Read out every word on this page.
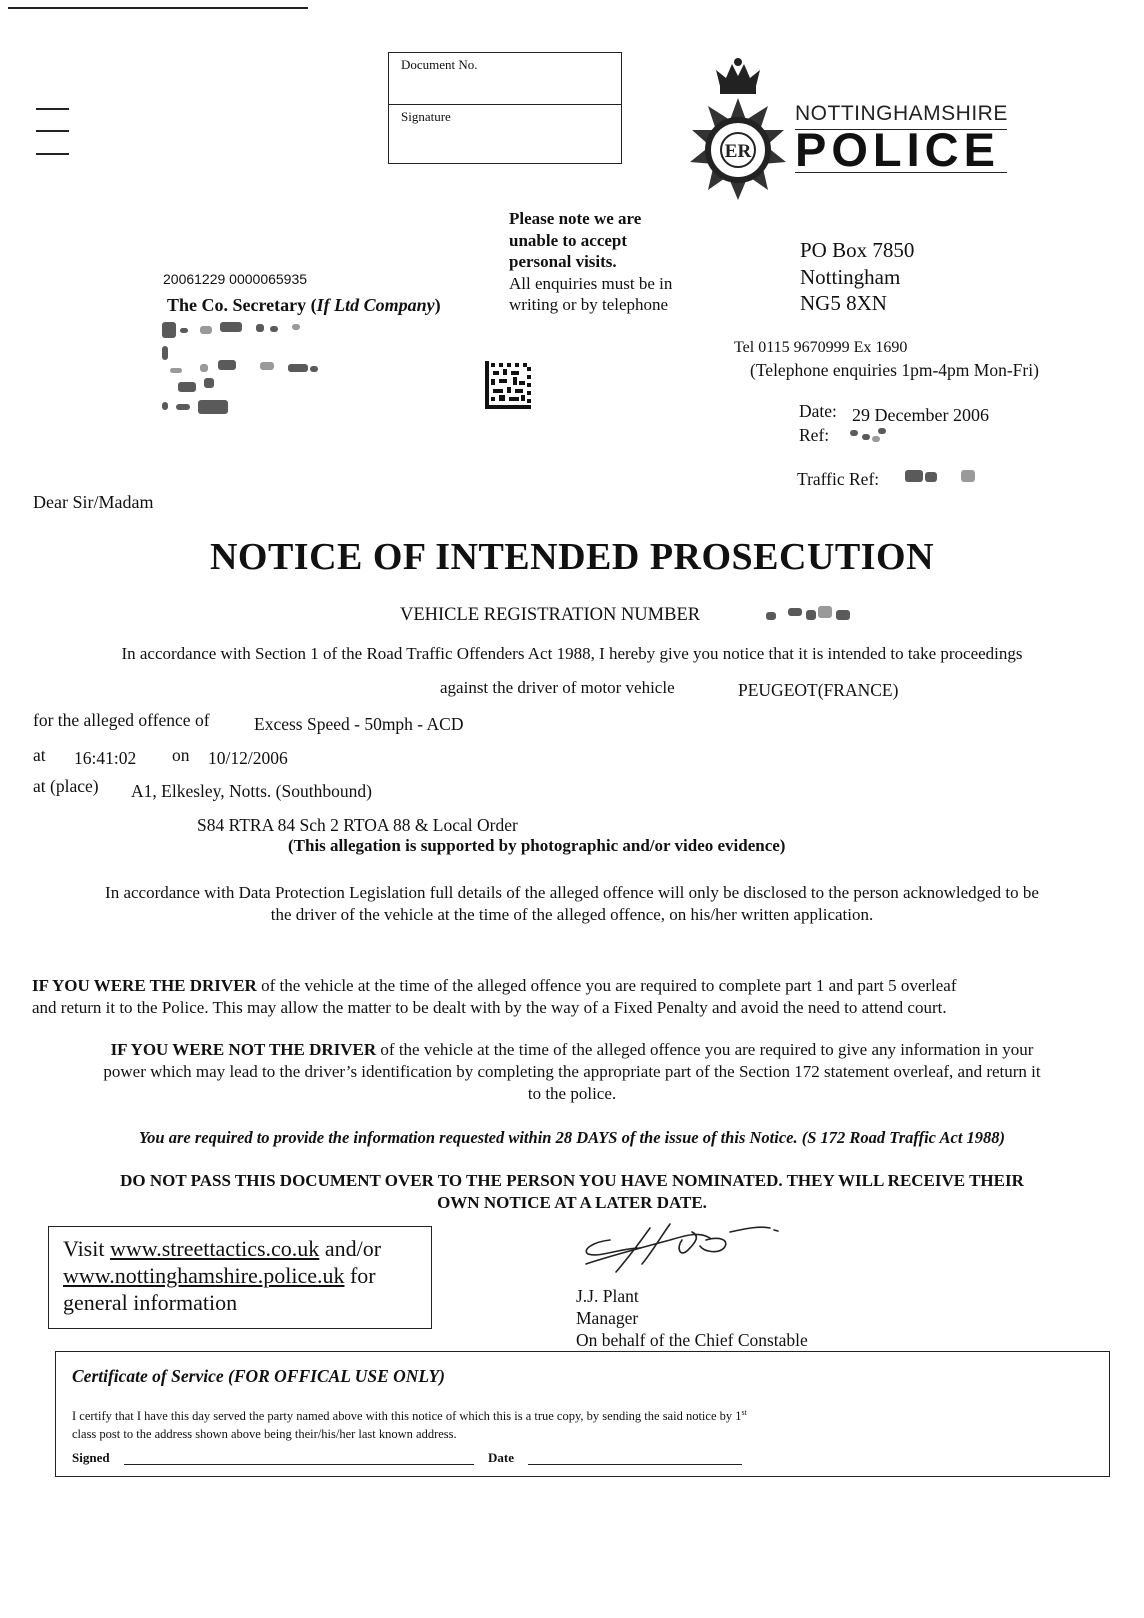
Document No.
Signature
ER
NOTTINGHAMSHIRE
POLICE
Please note we are
unable to accept
personal visits.
All enquiries must be in
writing or by telephone
PO Box 7850
Nottingham
NG5 8XN
Tel 0115 9670999 Ex 1690
(Telephone enquiries 1pm-4pm Mon-Fri)
20061229 0000065935
The Co. Secretary (If Ltd Company)
Date: 29 December 2006
Ref:
Traffic Ref:
Dear Sir/Madam
NOTICE OF INTENDED PROSECUTION
VEHICLE REGISTRATION NUMBER
In accordance with Section 1 of the Road Traffic Offenders Act 1988, I hereby give you notice that it is intended to take proceedings
against the driver of motor vehicle	PEUGEOT(FRANCE)
for the alleged offence of	Excess Speed - 50mph - ACD
at 16:41:02 on 10/12/2006
at (place) A1, Elkesley, Notts. (Southbound)
S84 RTRA 84 Sch 2 RTOA 88 & Local Order
(This allegation is supported by photographic and/or video evidence)
In accordance with Data Protection Legislation full details of the alleged offence will only be disclosed to the person acknowledged to be
the driver of the vehicle at the time of the alleged offence, on his/her written application.
IF YOU WERE THE DRIVER of the vehicle at the time of the alleged offence you are required to complete part 1 and part 5 overleaf
and return it to the Police. This may allow the matter to be dealt with by the way of a Fixed Penalty and avoid the need to attend court.
IF YOU WERE NOT THE DRIVER of the vehicle at the time of the alleged offence you are required to give any information in your
power which may lead to the driver’s identification by completing the appropriate part of the Section 172 statement overleaf, and return it
to the police.
You are required to provide the information requested within 28 DAYS of the issue of this Notice. (S 172 Road Traffic Act 1988)
DO NOT PASS THIS DOCUMENT OVER TO THE PERSON YOU HAVE NOMINATED. THEY WILL RECEIVE THEIR
OWN NOTICE AT A LATER DATE.
Visit www.streettactics.co.uk and/or
www.nottinghamshire.police.uk for
general information	J.J. Plant
Manager
On behalf of the Chief Constable
Certificate of Service (FOR OFFICAL USE ONLY)
I certify that I have this day served the party named above with this notice of which this is a true copy, by sending the said notice by 1st
class post to the address shown above being their/his/her last known address.
Signed	Date
